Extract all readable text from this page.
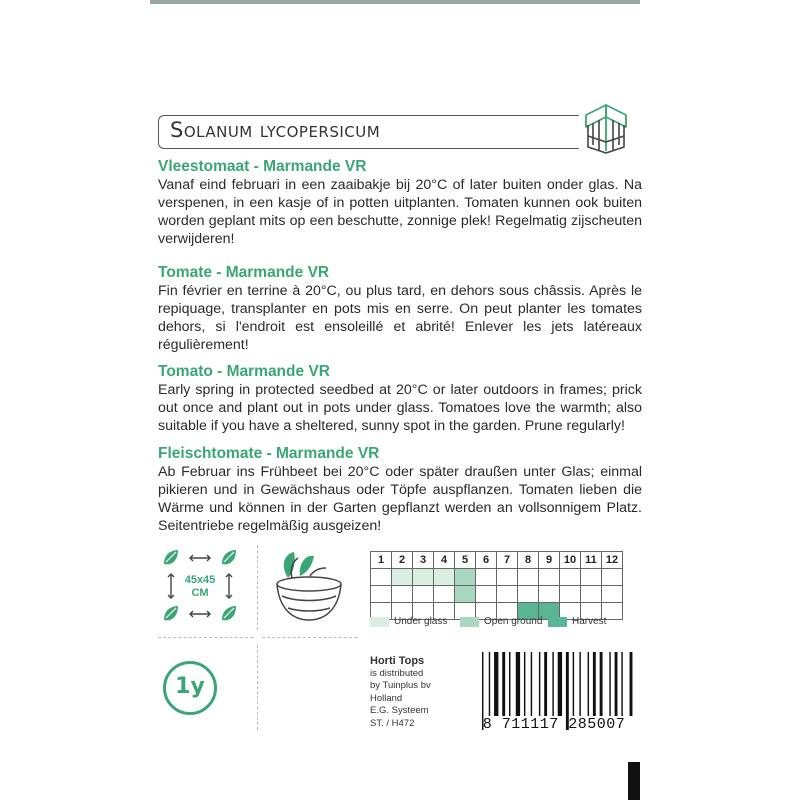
Solanum lycopersicum
Vleestomaat - Marmande VR

Vanaf eind februari in een zaaibakje bij 20°C of later buiten onder glas. Na verspenen, in een kasje of in potten uitplanten. Tomaten kunnen ook buiten worden geplant mits op een beschutte, zonnige plek! Regelmatig zijscheuten verwijderen!

Tomate - Marmande VR

Fin février en terrine à 20°C, ou plus tard, en dehors sous châssis. Après le repiquage, transplanter en pots mis en serre. On peut planter les tomates dehors, si l'endroit est ensoleillé et abrité! Enlever les jets latéreaux régulièrement!

Tomato - Marmande VR

Early spring in protected seedbed at 20°C or later outdoors in frames; prick out once and plant out in pots under glass. Tomatoes love the warmth; also suitable if you have a sheltered, sunny spot in the garden. Prune regularly!

Fleischtomate - Marmande VR

Ab Februar ins Frühbeet bei 20°C oder später draußen unter Glas; einmal pikieren und in Gewächshaus oder Töpfe auspflanzen. Tomaten lieben die Wärme und können in der Garten gepflanzt werden an vollsonnigem Platz. Seitentriebe regelmäßig ausgeizen!

45x45
CM
1y
1	2	3	4	5	6	7	8	9	10	11	12

Under glass	Open ground	Harvest
Horti Tops
is distributed
by Tuinplus bv
Holland
E.G. Systeem
ST. / H472	8 711117 285007
